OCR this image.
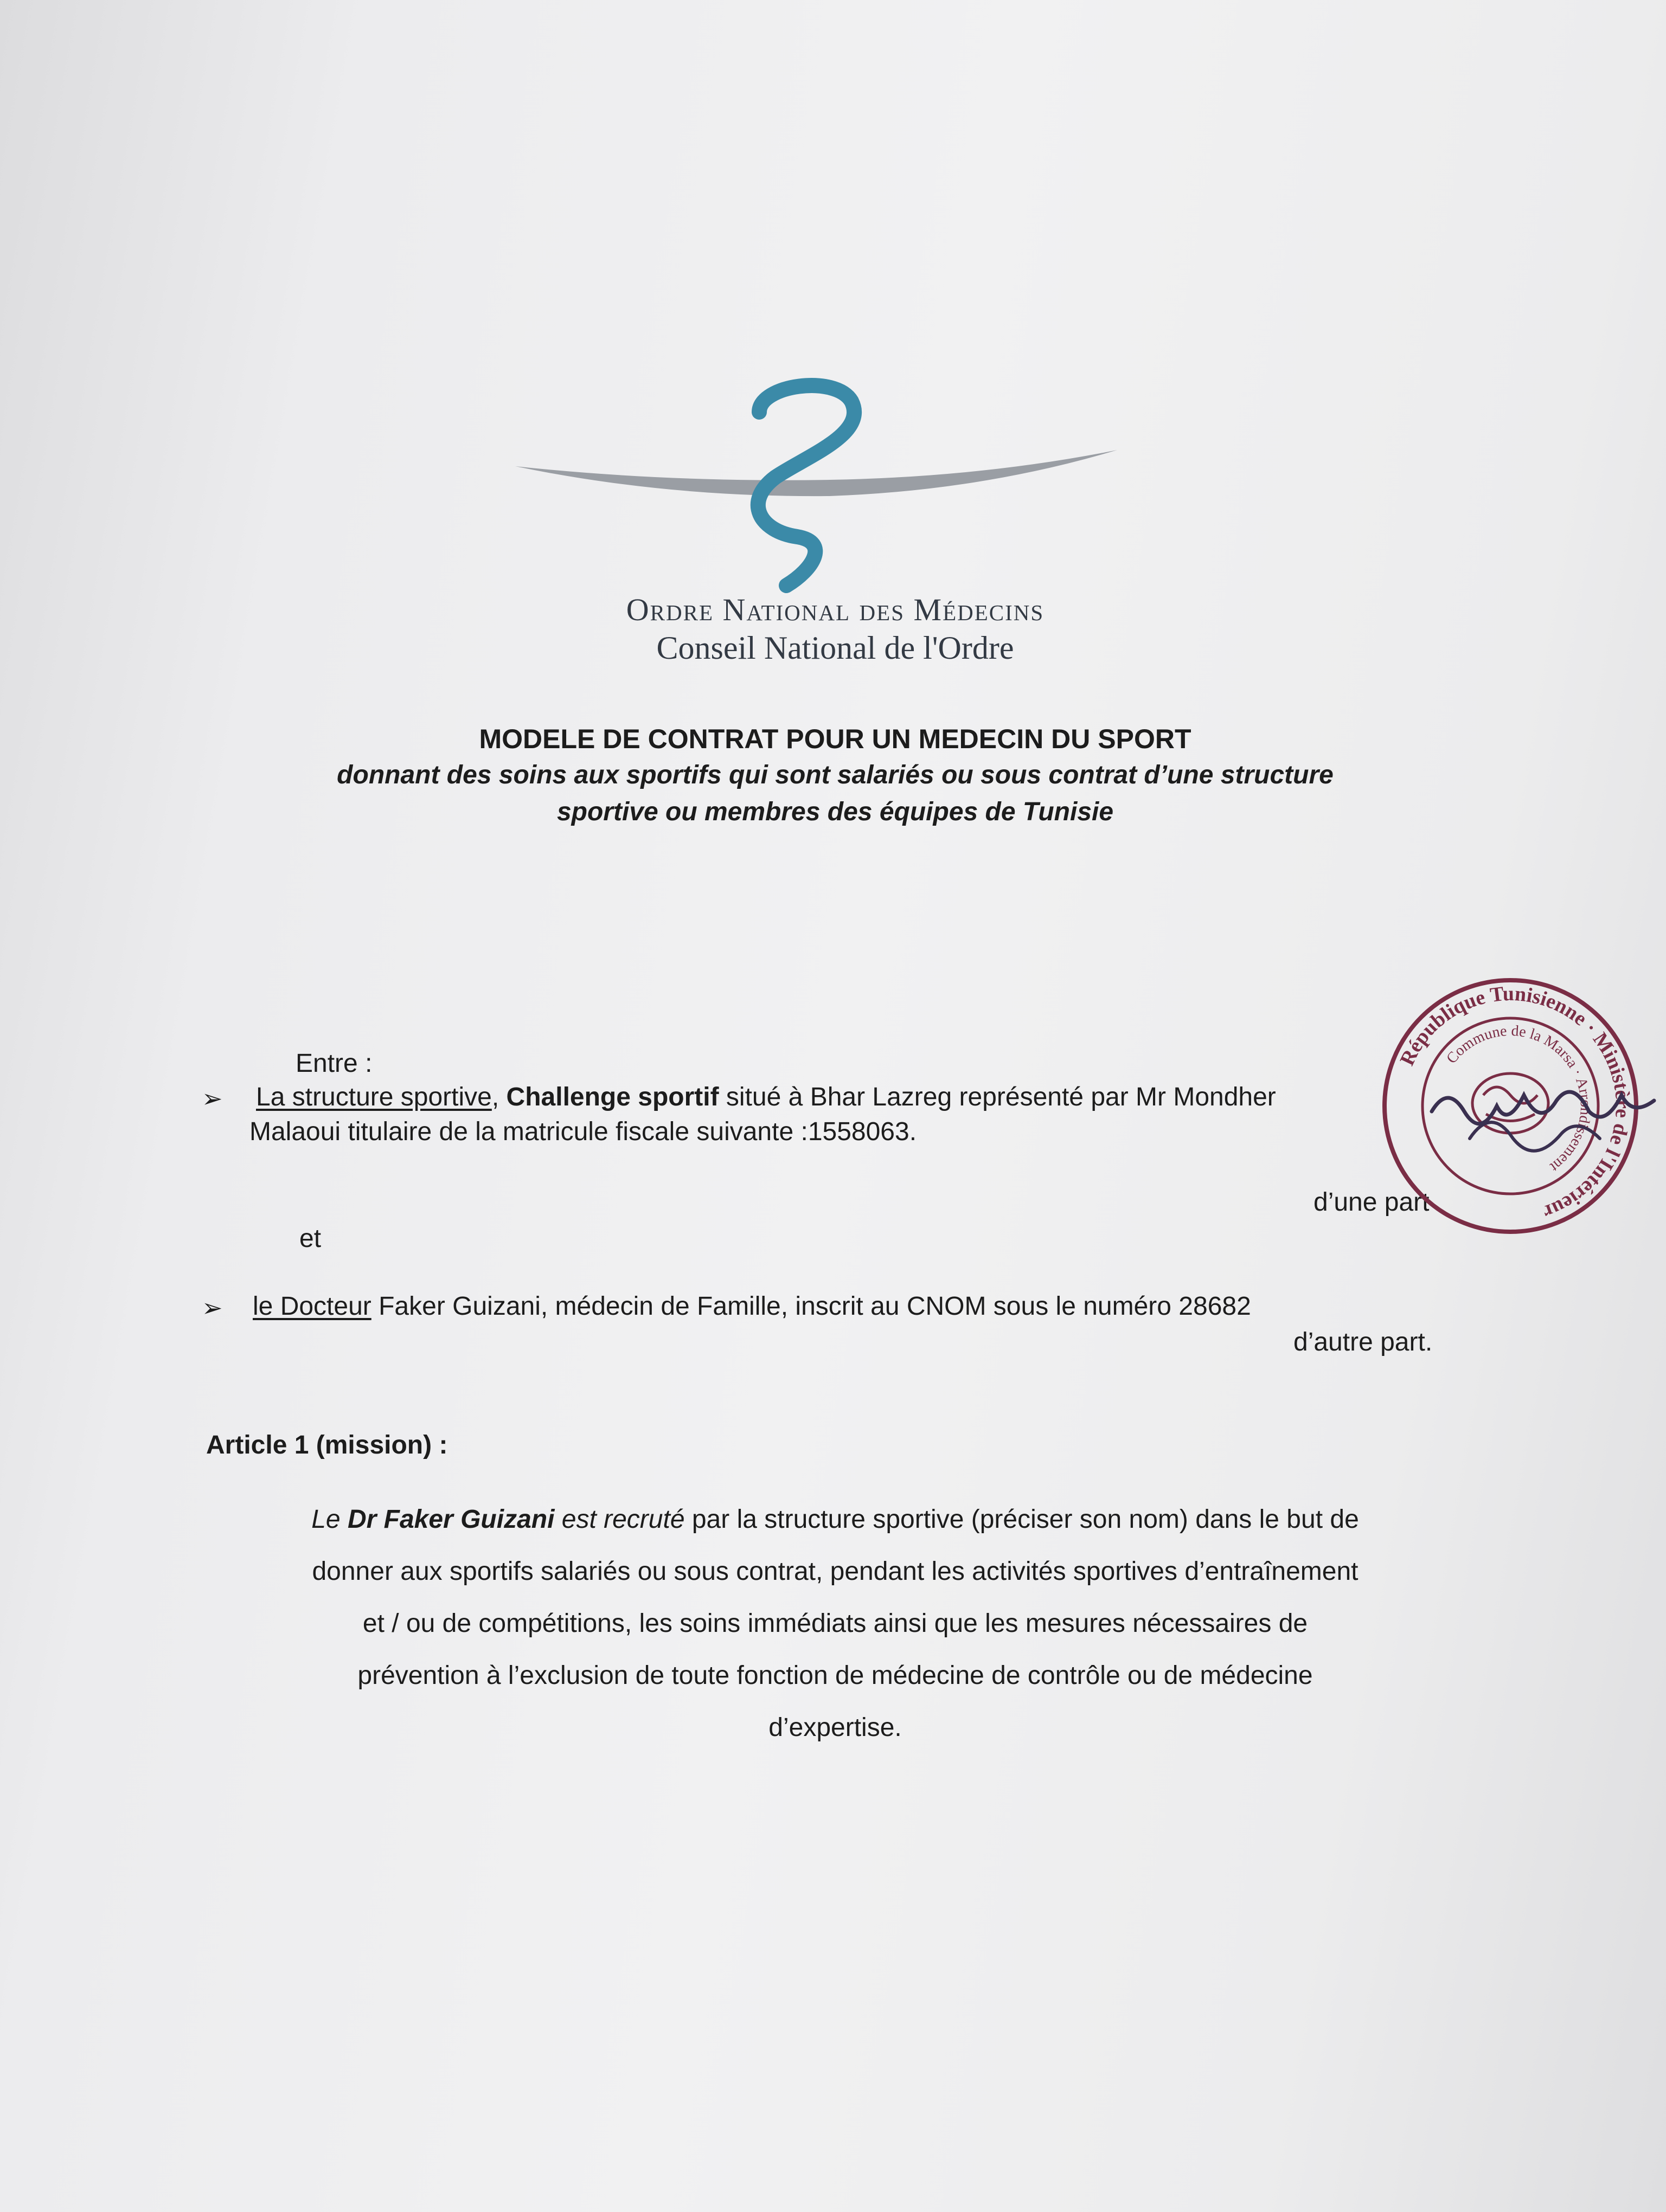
Ordre National des Médecins
Conseil National de l'Ordre
MODELE DE CONTRAT POUR UN MEDECIN DU SPORT
donnant des soins aux sportifs qui sont salariés ou sous contrat d’une structure
sportive ou membres des équipes de Tunisie
Entre :
➢ La structure sportive, Challenge sportif situé à Bhar Lazreg représenté par Mr Mondher
Malaoui titulaire de la matricule fiscale suivante :1558063.
d’une part
et
➢ le Docteur Faker Guizani, médecin de Famille, inscrit au CNOM sous le numéro 28682
d’autre part.
Article 1 (mission) :
Le Dr Faker Guizani est recruté par la structure sportive (préciser son nom) dans le but de
donner aux sportifs salariés ou sous contrat, pendant les activités sportives d’entraînement
et / ou de compétitions, les soins immédiats ainsi que les mesures nécessaires de
prévention à l’exclusion de toute fonction de médecine de contrôle ou de médecine
d’expertise.
République Tunisienne · Ministère de l'Intérieur
Commune de la Marsa · Arrondissement
